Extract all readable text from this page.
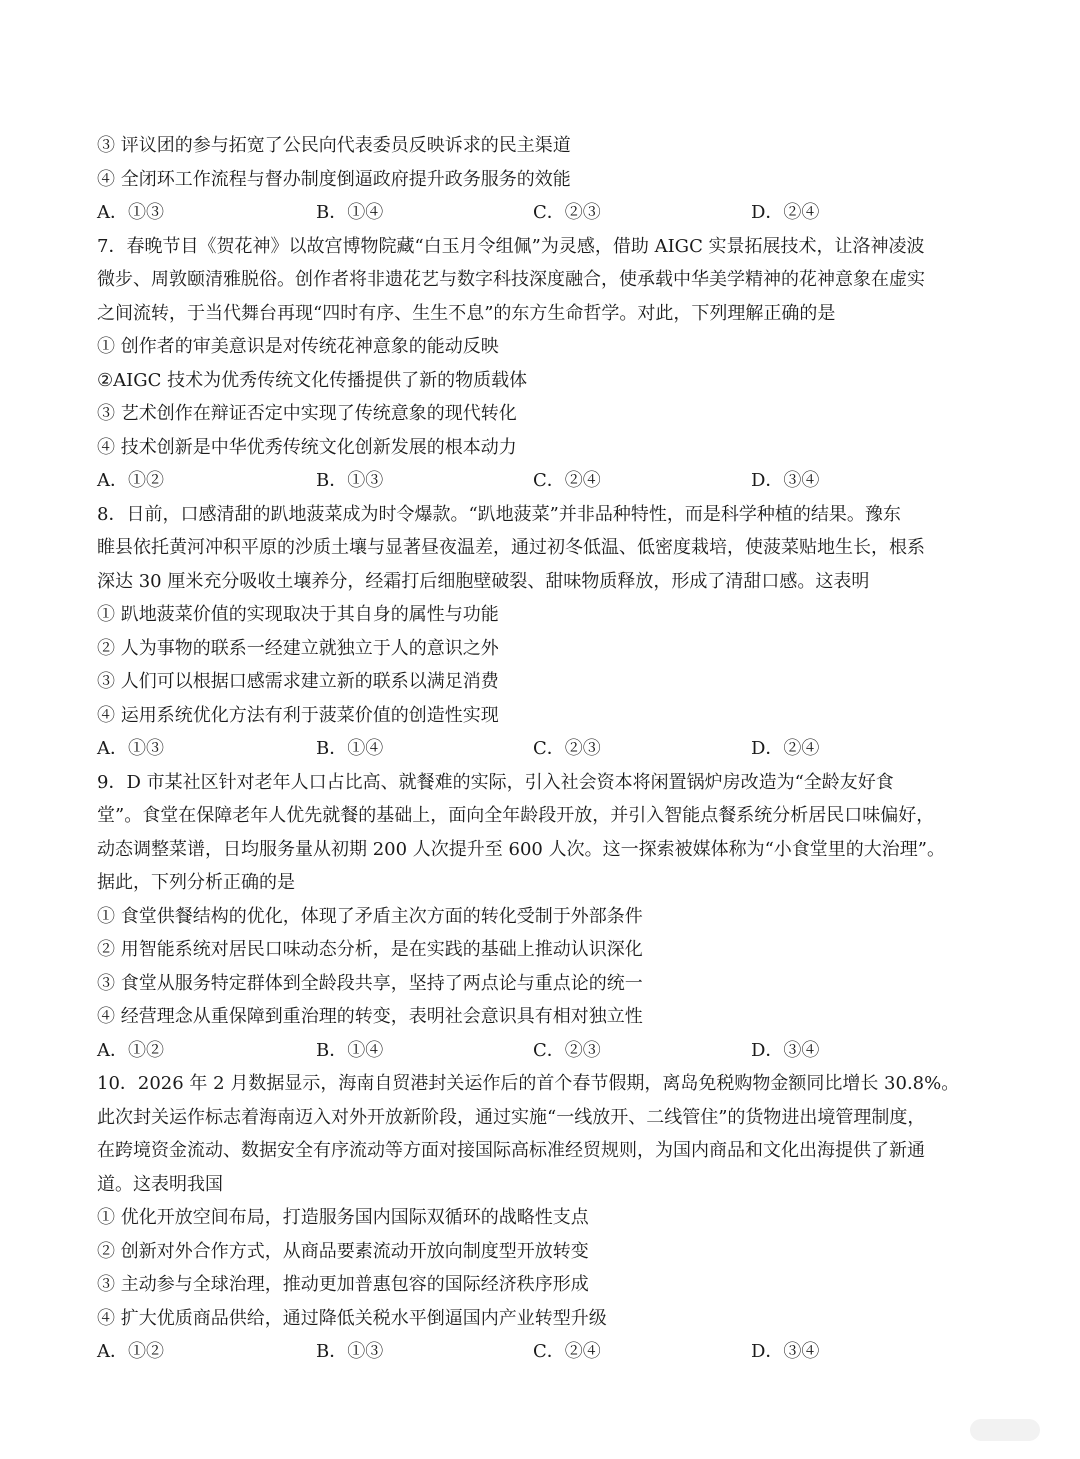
③ 评议团的参与拓宽了公民向代表委员反映诉求的民主渠道
④ 全闭环工作流程与督办制度倒逼政府提升政务服务的效能
A．①③	B．①④	C．②③	D．②④
7．春晚节目《贺花神》以故宫博物院藏“白玉月令组佩”为灵感，借助 AIGC 实景拓展技术，让洛神凌波
微步、周敦颐清雅脱俗。创作者将非遗花艺与数字科技深度融合，使承载中华美学精神的花神意象在虚实
之间流转，于当代舞台再现“四时有序、生生不息”的东方生命哲学。对此，下列理解正确的是
① 创作者的审美意识是对传统花神意象的能动反映
②AIGC 技术为优秀传统文化传播提供了新的物质载体
③ 艺术创作在辩证否定中实现了传统意象的现代转化
④ 技术创新是中华优秀传统文化创新发展的根本动力
A．①②	B．①③	C．②④	D．③④
8．日前，口感清甜的趴地菠菜成为时令爆款。“趴地菠菜”并非品种特性，而是科学种植的结果。豫东
睢县依托黄河冲积平原的沙质土壤与显著昼夜温差，通过初冬低温、低密度栽培，使菠菜贴地生长，根系
深达 30 厘米充分吸收土壤养分，经霜打后细胞壁破裂、甜味物质释放，形成了清甜口感。这表明
① 趴地菠菜价值的实现取决于其自身的属性与功能
② 人为事物的联系一经建立就独立于人的意识之外
③ 人们可以根据口感需求建立新的联系以满足消费
④ 运用系统优化方法有利于菠菜价值的创造性实现
A．①③	B．①④	C．②③	D．②④
9．D 市某社区针对老年人口占比高、就餐难的实际，引入社会资本将闲置锅炉房改造为“全龄友好食
堂”。食堂在保障老年人优先就餐的基础上，面向全年龄段开放，并引入智能点餐系统分析居民口味偏好，
动态调整菜谱，日均服务量从初期 200 人次提升至 600 人次。这一探索被媒体称为“小食堂里的大治理”。
据此，下列分析正确的是
① 食堂供餐结构的优化，体现了矛盾主次方面的转化受制于外部条件
② 用智能系统对居民口味动态分析，是在实践的基础上推动认识深化
③ 食堂从服务特定群体到全龄段共享，坚持了两点论与重点论的统一
④ 经营理念从重保障到重治理的转变，表明社会意识具有相对独立性
A．①②	B．①④	C．②③	D．③④
10．2026 年 2 月数据显示，海南自贸港封关运作后的首个春节假期，离岛免税购物金额同比增长 30.8%。
此次封关运作标志着海南迈入对外开放新阶段，通过实施“一线放开、二线管住”的货物进出境管理制度，
在跨境资金流动、数据安全有序流动等方面对接国际高标准经贸规则，为国内商品和文化出海提供了新通
道。这表明我国
① 优化开放空间布局，打造服务国内国际双循环的战略性支点
② 创新对外合作方式，从商品要素流动开放向制度型开放转变
③ 主动参与全球治理，推动更加普惠包容的国际经济秩序形成
④ 扩大优质商品供给，通过降低关税水平倒逼国内产业转型升级
A．①②	B．①③	C．②④	D．③④
